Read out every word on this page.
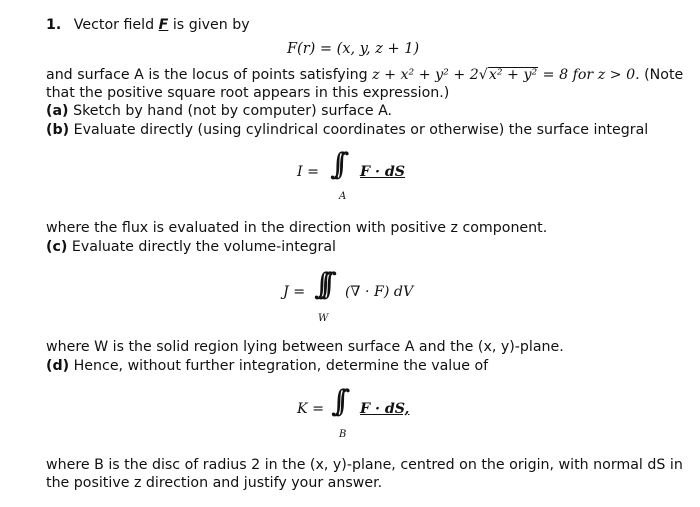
1. Vector field F is given by
F(r) = (x, y, z + 1)
and surface A is the locus of points satisfying z + x² + y² + 2√x² + y² = 8 for z > 0. (Note
that the positive square root appears in this expression.)
(a) Sketch by hand (not by computer) surface A.
(b) Evaluate directly (using cylindrical coordinates or otherwise) the surface integral
I = ∫∫
A
F · dS
where the flux is evaluated in the direction with positive z component.
(c) Evaluate directly the volume-integral
J = ∫∫∫
W
(∇ · F) dV
where W is the solid region lying between surface A and the (x, y)-plane.
(d) Hence, without further integration, determine the value of
K = ∫∫
B
F · dS,
where B is the disc of radius 2 in the (x, y)-plane, centred on the origin, with normal dS in
the positive z direction and justify your answer.
